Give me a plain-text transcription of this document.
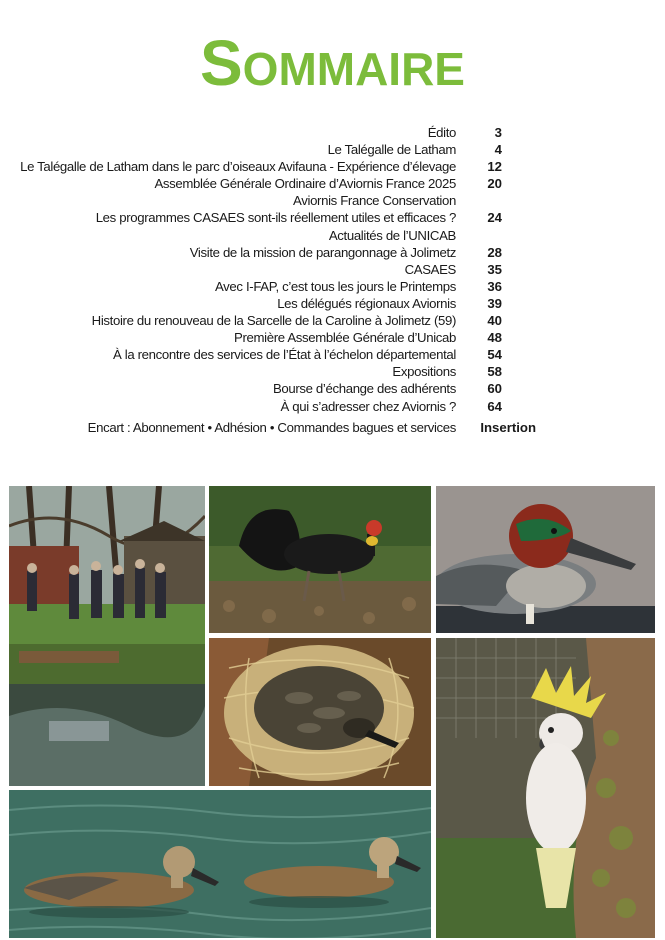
SOMMAIRE
Édito	3
Le Talégalle de Latham	4
Le Talégalle de Latham dans le parc d’oiseaux Avifauna - Expérience d’élevage	12
Assemblée Générale Ordinaire d’Aviornis France 2025	20
Aviornis France Conservation
Les programmes CASAES sont-ils réellement utiles et efficaces ?	24
Actualités de l’UNICAB
Visite de la mission de parangonnage à Jolimetz	28
CASAES	35
Avec I-FAP, c’est tous les jours le Printemps	36
Les délégués régionaux Aviornis	39
Histoire du renouveau de la Sarcelle de la Caroline à Jolimetz (59)	40
Première Assemblée Générale d’Unicab	48
À la rencontre des services de l’État à l’échelon départemental	54
Expositions	58
Bourse d’échange des adhérents	60
À qui s’adresser chez Aviornis ?	64
Encart : Abonnement • Adhésion • Commandes bagues et services	Insertion
